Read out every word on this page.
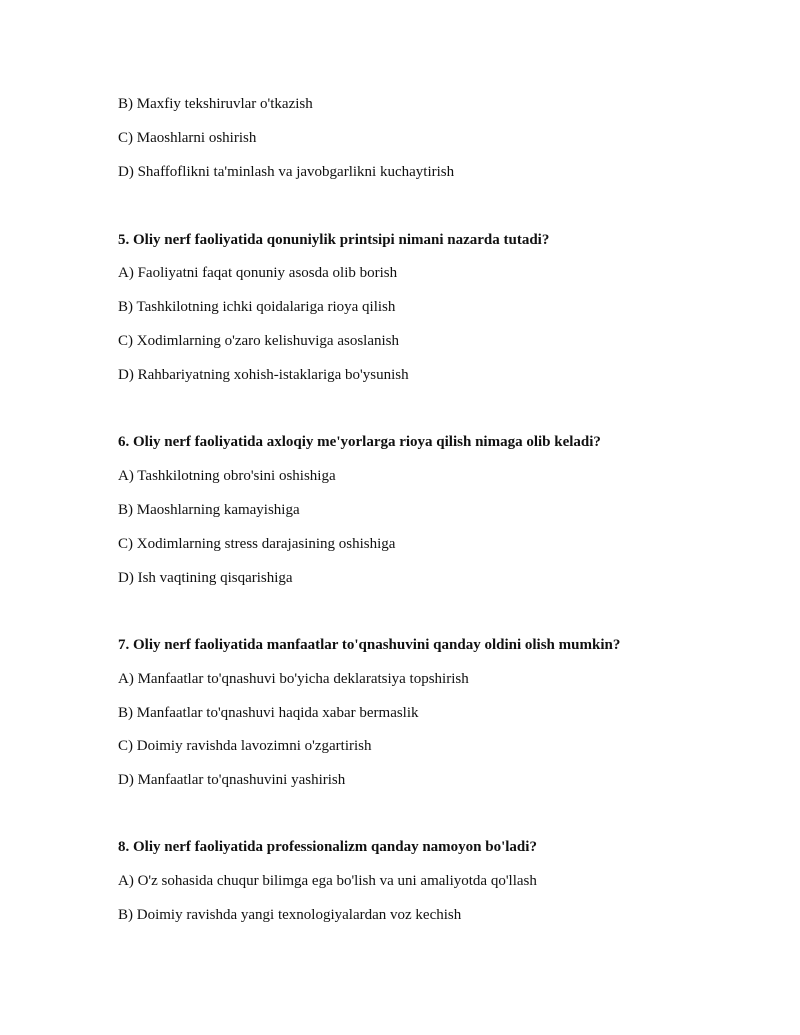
B) Maxfiy tekshiruvlar o'tkazish
C) Maoshlarni oshirish
D) Shaffoflikni ta'minlash va javobgarlikni kuchaytirish
5. Oliy nerf faoliyatida qonuniylik printsipi nimani nazarda tutadi?
A) Faoliyatni faqat qonuniy asosda olib borish
B) Tashkilotning ichki qoidalariga rioya qilish
C) Xodimlarning o'zaro kelishuviga asoslanish
D) Rahbariyatning xohish-istaklariga bo'ysunish
6. Oliy nerf faoliyatida axloqiy me'yorlarga rioya qilish nimaga olib keladi?
A) Tashkilotning obro'sini oshishiga
B) Maoshlarning kamayishiga
C) Xodimlarning stress darajasining oshishiga
D) Ish vaqtining qisqarishiga
7. Oliy nerf faoliyatida manfaatlar to'qnashuvini qanday oldini olish mumkin?
A) Manfaatlar to'qnashuvi bo'yicha deklaratsiya topshirish
B) Manfaatlar to'qnashuvi haqida xabar bermaslik
C) Doimiy ravishda lavozimni o'zgartirish
D) Manfaatlar to'qnashuvini yashirish
8. Oliy nerf faoliyatida professionalizm qanday namoyon bo'ladi?
A) O'z sohasida chuqur bilimga ega bo'lish va uni amaliyotda qo'llash
B) Doimiy ravishda yangi texnologiyalardan voz kechish
